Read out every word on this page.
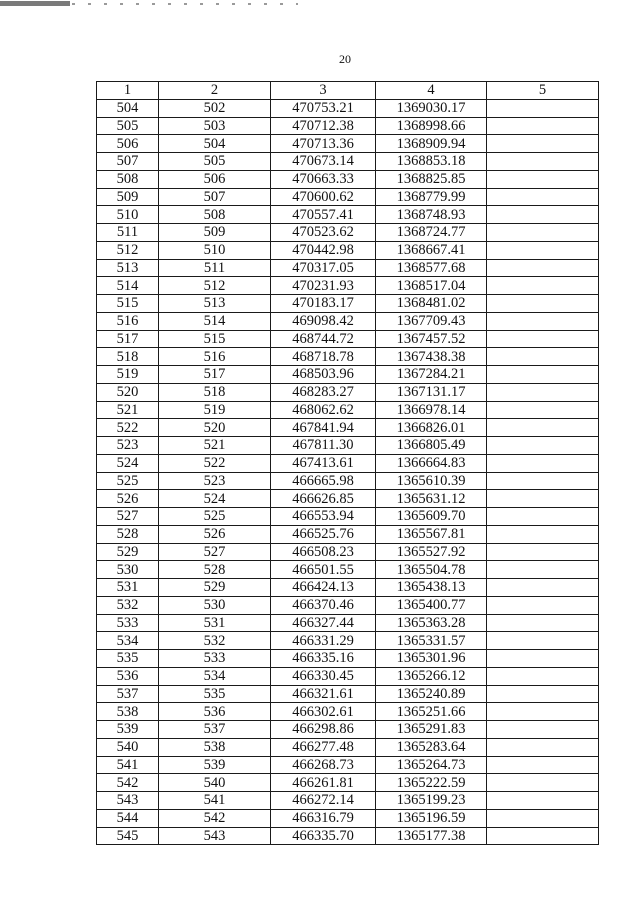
20
1	2	3	4	5
504	502	470753.21	1369030.17	
505	503	470712.38	1368998.66	
506	504	470713.36	1368909.94	
507	505	470673.14	1368853.18	
508	506	470663.33	1368825.85	
509	507	470600.62	1368779.99	
510	508	470557.41	1368748.93	
511	509	470523.62	1368724.77	
512	510	470442.98	1368667.41	
513	511	470317.05	1368577.68	
514	512	470231.93	1368517.04	
515	513	470183.17	1368481.02	
516	514	469098.42	1367709.43	
517	515	468744.72	1367457.52	
518	516	468718.78	1367438.38	
519	517	468503.96	1367284.21	
520	518	468283.27	1367131.17	
521	519	468062.62	1366978.14	
522	520	467841.94	1366826.01	
523	521	467811.30	1366805.49	
524	522	467413.61	1366664.83	
525	523	466665.98	1365610.39	
526	524	466626.85	1365631.12	
527	525	466553.94	1365609.70	
528	526	466525.76	1365567.81	
529	527	466508.23	1365527.92	
530	528	466501.55	1365504.78	
531	529	466424.13	1365438.13	
532	530	466370.46	1365400.77	
533	531	466327.44	1365363.28	
534	532	466331.29	1365331.57	
535	533	466335.16	1365301.96	
536	534	466330.45	1365266.12	
537	535	466321.61	1365240.89	
538	536	466302.61	1365251.66	
539	537	466298.86	1365291.83	
540	538	466277.48	1365283.64	
541	539	466268.73	1365264.73	
542	540	466261.81	1365222.59	
543	541	466272.14	1365199.23	
544	542	466316.79	1365196.59	
545	543	466335.70	1365177.38	
